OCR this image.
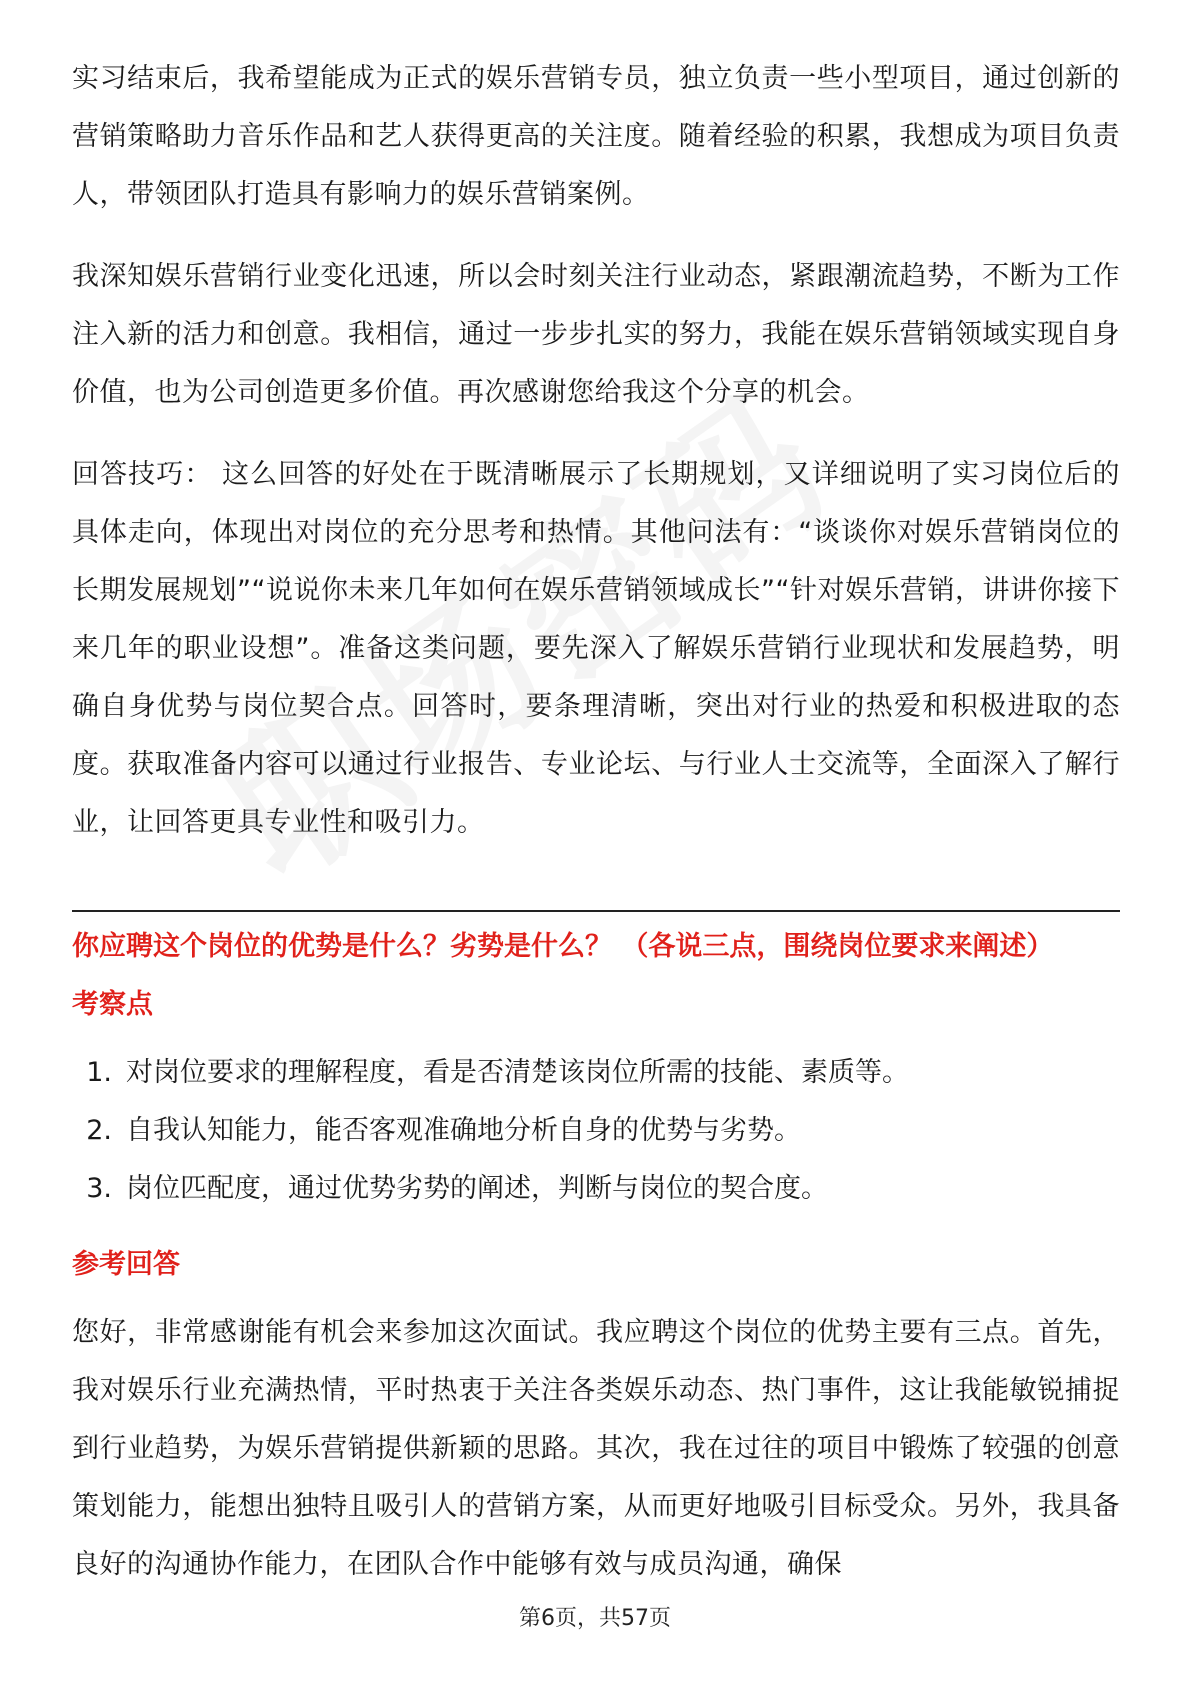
实习结束后，我希望能成为正式的娱乐营销专员，独立负责一些小型项目，通过创新的营销策略助力音乐作品和艺人获得更高的关注度。随着经验的积累，我想成为项目负责人，带领团队打造具有影响力的娱乐营销案例。

我深知娱乐营销行业变化迅速，所以会时刻关注行业动态，紧跟潮流趋势，不断为工作注入新的活力和创意。我相信，通过一步步扎实的努力，我能在娱乐营销领域实现自身价值，也为公司创造更多价值。再次感谢您给我这个分享的机会。

回答技巧： 这么回答的好处在于既清晰展示了长期规划，又详细说明了实习岗位后的具体走向，体现出对岗位的充分思考和热情。其他问法有：“谈谈你对娱乐营销岗位的长期发展规划”“说说你未来几年如何在娱乐营销领域成长”“针对娱乐营销，讲讲你接下来几年的职业设想”。准备这类问题，要先深入了解娱乐营销行业现状和发展趋势，明确自身优势与岗位契合点。回答时，要条理清晰，突出对行业的热爱和积极进取的态度。获取准备内容可以通过行业报告、专业论坛、与行业人士交流等，全面深入了解行业，让回答更具专业性和吸引力。

你应聘这个岗位的优势是什么？劣势是什么？ （各说三点，围绕岗位要求来阐述）

考察点

1. 对岗位要求的理解程度，看是否清楚该岗位所需的技能、素质等。
2. 自我认知能力，能否客观准确地分析自身的优势与劣势。
3. 岗位匹配度，通过优势劣势的阐述，判断与岗位的契合度。

参考回答

您好，非常感谢能有机会来参加这次面试。我应聘这个岗位的优势主要有三点。首先，我对娱乐行业充满热情，平时热衷于关注各类娱乐动态、热门事件，这让我能敏锐捕捉到行业趋势，为娱乐营销提供新颖的思路。其次，我在过往的项目中锻炼了较强的创意策划能力，能想出独特且吸引人的营销方案，从而更好地吸引目标受众。另外，我具备良好的沟通协作能力，在团队合作中能够有效与成员沟通，确保

第6页，共57页
